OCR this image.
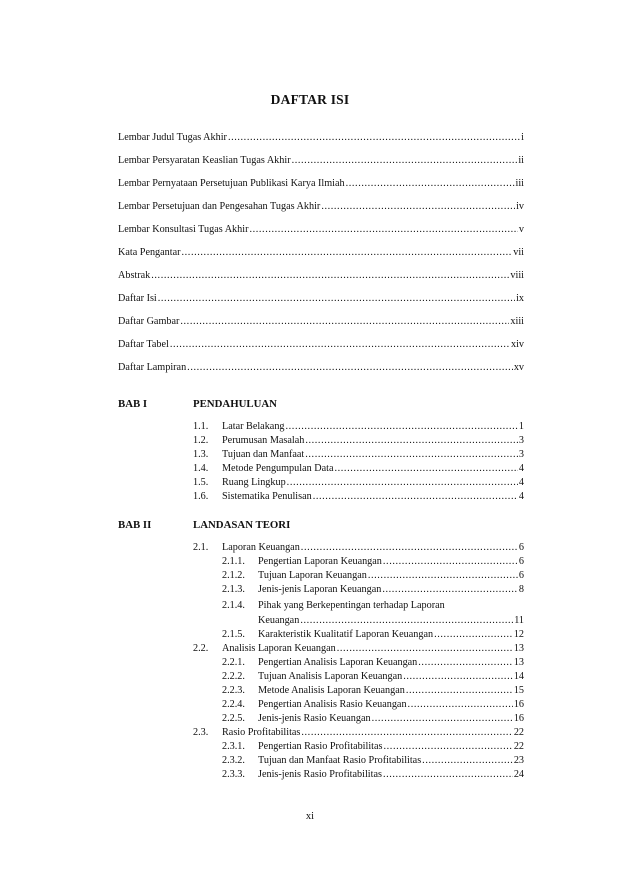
DAFTAR ISI
Lembar Judul Tugas Akhir .....	i
Lembar Persyaratan Keaslian Tugas Akhir .....	ii
Lembar Pernyataan Persetujuan Publikasi Karya Ilmiah .....	iii
Lembar Persetujuan dan Pengesahan Tugas Akhir .....	iv
Lembar Konsultasi Tugas Akhir .....	v
Kata Pengantar .....	vii
Abstrak .....	viii
Daftar Isi .....	ix
Daftar Gambar .....	xiii
Daftar Tabel .....	xiv
Daftar Lampiran .....	xv
BAB I	PENDAHULUAN
1.1. Latar Belakang .....	1
1.2. Perumusan Masalah .....	3
1.3. Tujuan dan Manfaat .....	3
1.4. Metode Pengumpulan Data .....	4
1.5. Ruang Lingkup .....	4
1.6. Sistematika Penulisan .....	4
BAB II	LANDASAN TEORI
2.1. Laporan Keuangan .....	6
2.1.1. Pengertian Laporan Keuangan .....	6
2.1.2. Tujuan Laporan Keuangan .....	6
2.1.3. Jenis-jenis Laporan Keuangan .....	8
2.1.4. Pihak yang Berkepentingan terhadap Laporan
Keuangan .....	11
2.1.5. Karakteristik Kualitatif Laporan Keuangan .....	12
2.2. Analisis Laporan Keuangan .....	13
2.2.1. Pengertian Analisis Laporan Keuangan .....	13
2.2.2. Tujuan Analisis Laporan Keuangan .....	14
2.2.3. Metode Analisis Laporan Keuangan .....	15
2.2.4. Pengertian Analisis Rasio Keuangan .....	16
2.2.5. Jenis-jenis Rasio Keuangan .....	16
2.3. Rasio Profitabilitas .....	22
2.3.1. Pengertian Rasio Profitabilitas .....	22
2.3.2. Tujuan dan Manfaat Rasio Profitabilitas .....	23
2.3.3. Jenis-jenis Rasio Profitabilitas .....	24
xi
